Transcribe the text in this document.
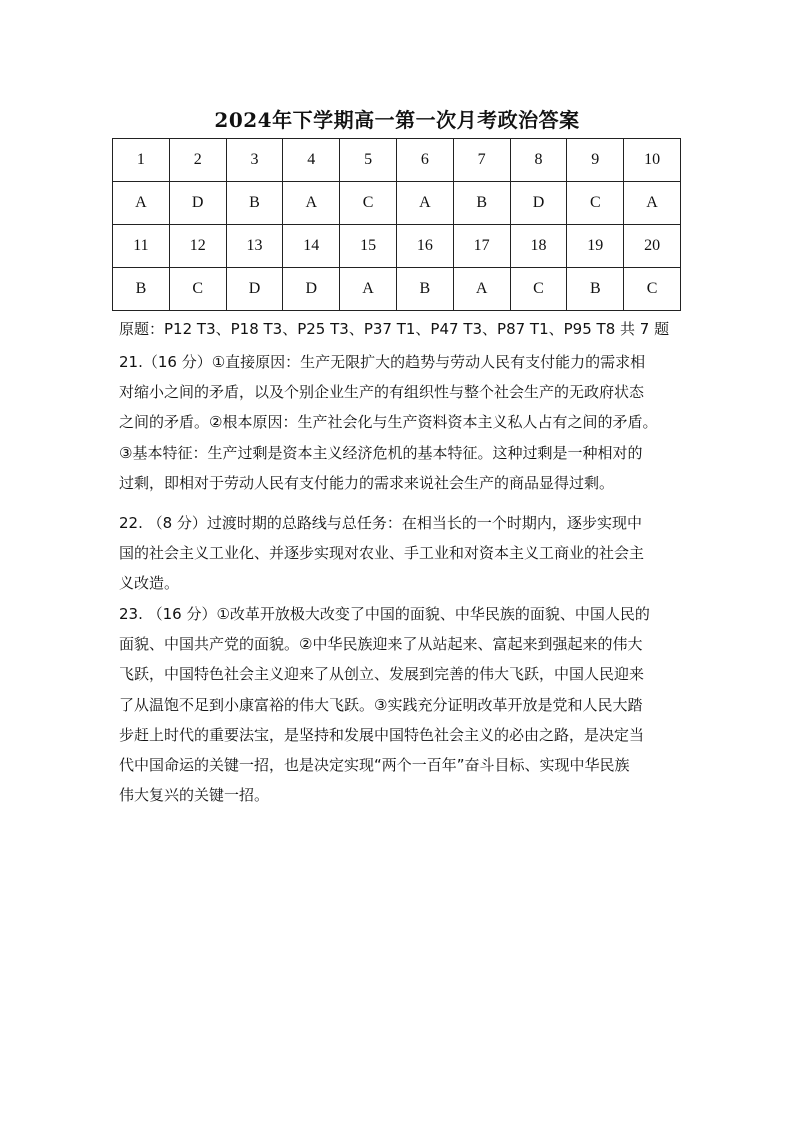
2024年下学期高一第一次月考政治答案
1	2	3	4	5	6	7	8	9	10
A	D	B	A	C	A	B	D	C	A
11	12	13	14	15	16	17	18	19	20
B	C	D	D	A	B	A	C	B	C
原题：P12 T3、P18 T3、P25 T3、P37 T1、P47 T3、P87 T1、P95 T8 共 7 题
21.（16 分）①直接原因：生产无限扩大的趋势与劳动人民有支付能力的需求相
对缩小之间的矛盾，以及个别企业生产的有组织性与整个社会生产的无政府状态
之间的矛盾。②根本原因：生产社会化与生产资料资本主义私人占有之间的矛盾。
③基本特征：生产过剩是资本主义经济危机的基本特征。这种过剩是一种相对的
过剩，即相对于劳动人民有支付能力的需求来说社会生产的商品显得过剩。
22. （8 分）过渡时期的总路线与总任务：在相当长的一个时期内，逐步实现中
国的社会主义工业化、并逐步实现对农业、手工业和对资本主义工商业的社会主
义改造。
23. （16 分）①改革开放极大改变了中国的面貌、中华民族的面貌、中国人民的
面貌、中国共产党的面貌。②中华民族迎来了从站起来、富起来到强起来的伟大
飞跃，中国特色社会主义迎来了从创立、发展到完善的伟大飞跃，中国人民迎来
了从温饱不足到小康富裕的伟大飞跃。③实践充分证明改革开放是党和人民大踏
步赶上时代的重要法宝，是坚持和发展中国特色社会主义的必由之路，是决定当
代中国命运的关键一招，也是决定实现“两个一百年”奋斗目标、实现中华民族
伟大复兴的关键一招。
